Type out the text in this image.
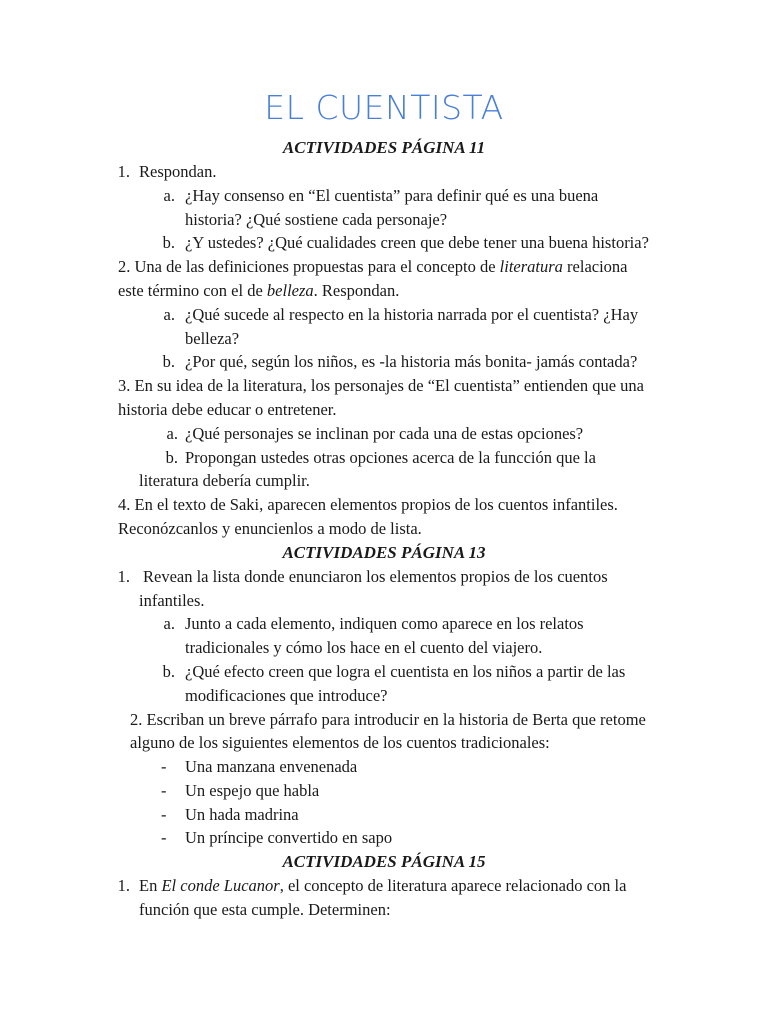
EL CUENTISTA
ACTIVIDADES PÁGINA 11
1. Respondan.
a. ¿Hay consenso en “El cuentista” para definir qué es una buena
historia? ¿Qué sostiene cada personaje?
b. ¿Y ustedes? ¿Qué cualidades creen que debe tener una buena historia?
2. Una de las definiciones propuestas para el concepto de literatura relaciona
este término con el de belleza. Respondan.
a. ¿Qué sucede al respecto en la historia narrada por el cuentista? ¿Hay
belleza?
b. ¿Por qué, según los niños, es -la historia más bonita- jamás contada?
3. En su idea de la literatura, los personajes de “El cuentista” entienden que una
historia debe educar o entretener.
a. ¿Qué personajes se inclinan por cada una de estas opciones?
b. Propongan ustedes otras opciones acerca de la funcción que la
literatura debería cumplir.
4. En el texto de Saki, aparecen elementos propios de los cuentos infantiles.
Reconózcanlos y enuncienlos a modo de lista.
ACTIVIDADES PÁGINA 13
1. Revean la lista donde enunciaron los elementos propios de los cuentos
infantiles.
a. Junto a cada elemento, indiquen como aparece en los relatos
tradicionales y cómo los hace en el cuento del viajero.
b. ¿Qué efecto creen que logra el cuentista en los niños a partir de las
modificaciones que introduce?
2. Escriban un breve párrafo para introducir en la historia de Berta que retome
alguno de los siguientes elementos de los cuentos tradicionales:
- Una manzana envenenada
- Un espejo que habla
- Un hada madrina
- Un príncipe convertido en sapo
ACTIVIDADES PÁGINA 15
1. En El conde Lucanor, el concepto de literatura aparece relacionado con la
función que esta cumple. Determinen:
